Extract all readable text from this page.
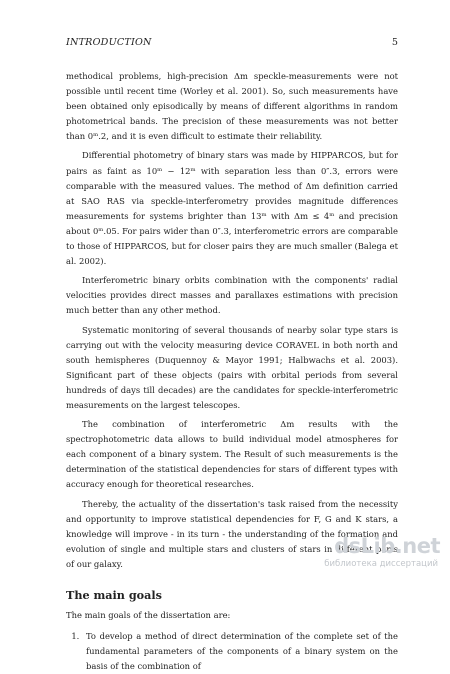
INTRODUCTION	5

methodical problems, high-precision Δm speckle-measurements were not possible until recent time (Worley et al. 2001). So, such measurements have been obtained only episodically by means of different algorithms in random photometrical bands. The precision of these measurements was not better than 0ᵐ.2, and it is even difficult to estimate their reliability.

Differential photometry of binary stars was made by HIPPARCOS, but for pairs as faint as 10ᵐ − 12ᵐ with separation less than 0″.3, errors were comparable with the measured values. The method of Δm definition carried at SAO RAS via speckle-interferometry provides magnitude differences measurements for systems brighter than 13ᵐ with Δm ≤ 4ᵐ and precision about 0ᵐ.05. For pairs wider than 0″.3, interferometric errors are comparable to those of HIPPARCOS, but for closer pairs they are much smaller (Balega et al. 2002).

Interferometric binary orbits combination with the components' radial velocities provides direct masses and parallaxes estimations with precision much better than any other method.

Systematic monitoring of several thousands of nearby solar type stars is carrying out with the velocity measuring device CORAVEL in both north and south hemispheres (Duquennoy & Mayor 1991; Halbwachs et al. 2003). Significant part of these objects (pairs with orbital periods from several hundreds of days till decades) are the candidates for speckle-interferometric measurements on the largest telescopes.

The combination of interferometric Δm results with the spectrophotometric data allows to build individual model atmospheres for each component of a binary system. The Result of such measurements is the determination of the statistical dependencies for stars of different types with accuracy enough for theoretical researches.

Thereby, the actuality of the dissertation's task raised from the necessity and opportunity to improve statistical dependencies for F, G and K stars, a knowledge will improve - in its turn - the understanding of the formation and evolution of single and multiple stars and clusters of stars in different parts of our galaxy.

The main goals

The main goals of the dissertation are:

1. To develop a method of direct determination of the complete set of the fundamental parameters of the components of a binary system on the basis of the combination of
dsLib.net
библиотека диссертаций
